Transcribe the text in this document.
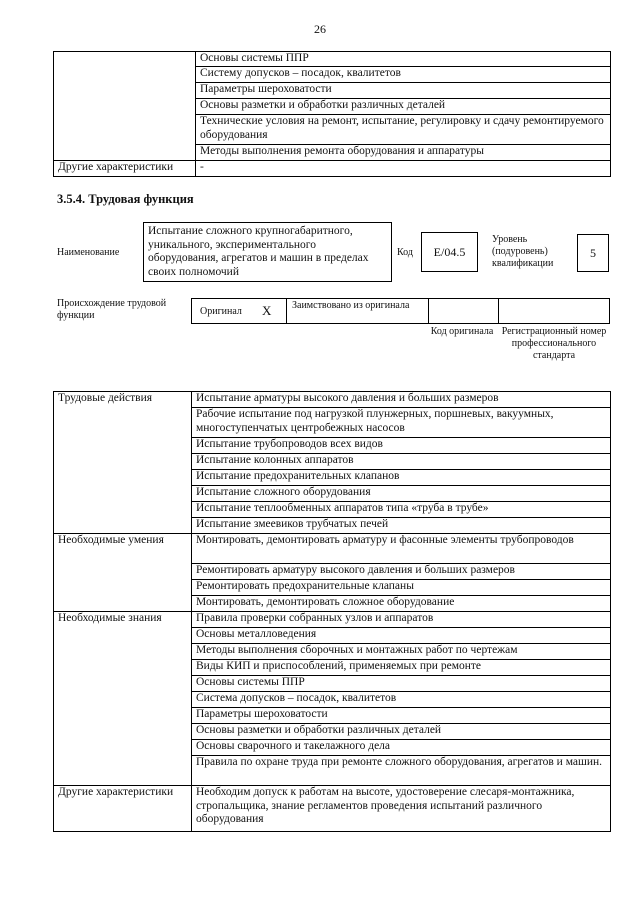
26
	Основы системы ППР
	Систему допусков – посадок, квалитетов
	Параметры шероховатости
	Основы разметки и обработки различных деталей
	Технические условия на ремонт, испытание, регулировку и сдачу ремонтируемого оборудования
	Методы выполнения ремонта оборудования и аппаратуры
Другие характеристики	-
3.5.4. Трудовая функция
Наименование
Испытание сложного крупногабаритного, уникального, экспериментального оборудования, агрегатов и машин в пределах своих полномочий
Код	E/04.5
Уровень (подуровень) квалификации
5
Происхождение трудовой функции	Оригинал X Заимствовано из оригинала
Код оригинала Регистрационный номер профессионального стандарта
Трудовые действия	Испытание арматуры высокого давления и больших размеров
	Рабочие испытание под нагрузкой плунжерных, поршневых, вакуумных, многоступенчатых центробежных насосов
	Испытание трубопроводов всех видов
	Испытание колонных аппаратов
	Испытание предохранительных клапанов
	Испытание сложного оборудования
	Испытание теплообменных аппаратов типа «труба в трубе»
	Испытание змеевиков трубчатых печей
Необходимые умения	Монтировать, демонтировать арматуру и фасонные элементы трубопроводов
	Ремонтировать арматуру высокого давления и больших размеров
	Ремонтировать предохранительные клапаны
	Монтировать, демонтировать сложное оборудование
Необходимые знания	Правила проверки собранных узлов и аппаратов
	Основы металловедения
	Методы выполнения сборочных и монтажных работ по чертежам
	Виды КИП и приспособлений, применяемых при ремонте
	Основы системы ППР
	Система допусков – посадок, квалитетов
	Параметры шероховатости
	Основы разметки и обработки различных деталей
	Основы сварочного и такелажного дела
	Правила по охране труда при ремонте сложного оборудования, агрегатов и машин.
Другие характеристики	Необходим допуск к работам на высоте, удостоверение слесаря-монтажника, стропальщика, знание регламентов проведения испытаний различного оборудования
